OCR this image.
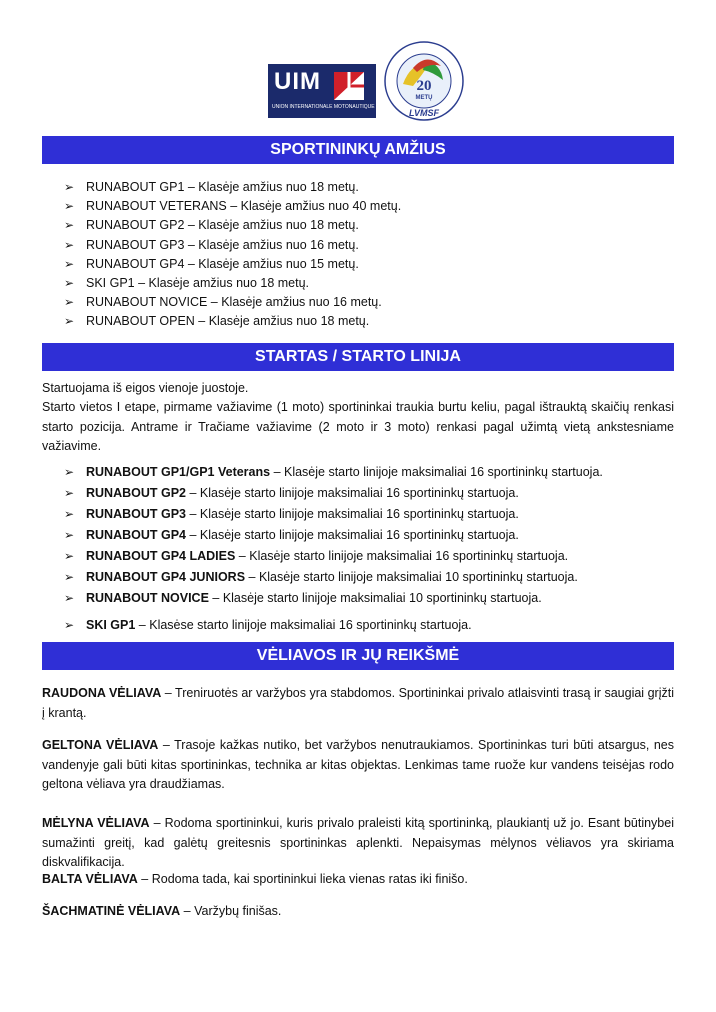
UIM
UNION INTERNATIONALE MOTONAUTIQUE
20
METŲ
LVMSF
SPORTININKŲ AMŽIUS
➢ RUNABOUT GP1 – Klasėje amžius nuo 18 metų.
➢ RUNABOUT VETERANS – Klasėje amžius nuo 40 metų.
➢ RUNABOUT GP2 – Klasėje amžius nuo 18 metų.
➢ RUNABOUT GP3 – Klasėje amžius nuo 16 metų.
➢ RUNABOUT GP4 – Klasėje amžius nuo 15 metų.
➢ SKI GP1 – Klasėje amžius nuo 18 metų.
➢ RUNABOUT NOVICE – Klasėje amžius nuo 16 metų.
➢ RUNABOUT OPEN – Klasėje amžius nuo 18 metų.
STARTAS / STARTO LINIJA

Startuojama iš eigos vienoje juostoje.

Starto vietos I etape, pirmame važiavime (1 moto) sportininkai traukia burtu keliu, pagal ištrauktą skaičių renkasi starto pozicija. Antrame ir Tračiame važiavime (2 moto ir 3 moto) renkasi pagal užimtą vietą ankstesniame važiavime.

➢ RUNABOUT GP1/GP1 Veterans – Klasėje starto linijoje maksimaliai 16 sportininkų startuoja.
➢ RUNABOUT GP2 – Klasėje starto linijoje maksimaliai 16 sportininkų startuoja.
➢ RUNABOUT GP3 – Klasėje starto linijoje maksimaliai 16 sportininkų startuoja.
➢ RUNABOUT GP4 – Klasėje starto linijoje maksimaliai 16 sportininkų startuoja.
➢ RUNABOUT GP4 LADIES – Klasėje starto linijoje maksimaliai 16 sportininkų startuoja.
➢ RUNABOUT GP4 JUNIORS – Klasėje starto linijoje maksimaliai 10 sportininkų startuoja.
➢ RUNABOUT NOVICE – Klasėje starto linijoje maksimaliai 10 sportininkų startuoja.
➢ SKI GP1 – Klasėse starto linijoje maksimaliai 16 sportininkų startuoja.
VĖLIAVOS IR JŲ REIKŠMĖ

RAUDONA VĖLIAVA – Treniruotės ar varžybos yra stabdomos. Sportininkai privalo atlaisvinti trasą ir saugiai grįžti į krantą.

GELTONA VĖLIAVA – Trasoje kažkas nutiko, bet varžybos nenutraukiamos. Sportininkas turi būti atsargus, nes vandenyje gali būti kitas sportininkas, technika ar kitas objektas. Lenkimas tame ruože kur vandens teisėjas rodo geltona vėliava yra draudžiamas.

MĖLYNA VĖLIAVA – Rodoma sportininkui, kuris privalo praleisti kitą sportininką, plaukiantį už jo. Esant būtinybei sumažinti greitį, kad galėtų greitesnis sportininkas aplenkti. Nepaisymas mėlynos vėliavos yra skiriama diskvalifikacija.

BALTA VĖLIAVA – Rodoma tada, kai sportininkui lieka vienas ratas iki finišo.

ŠACHMATINĖ VĖLIAVA – Varžybų finišas.
